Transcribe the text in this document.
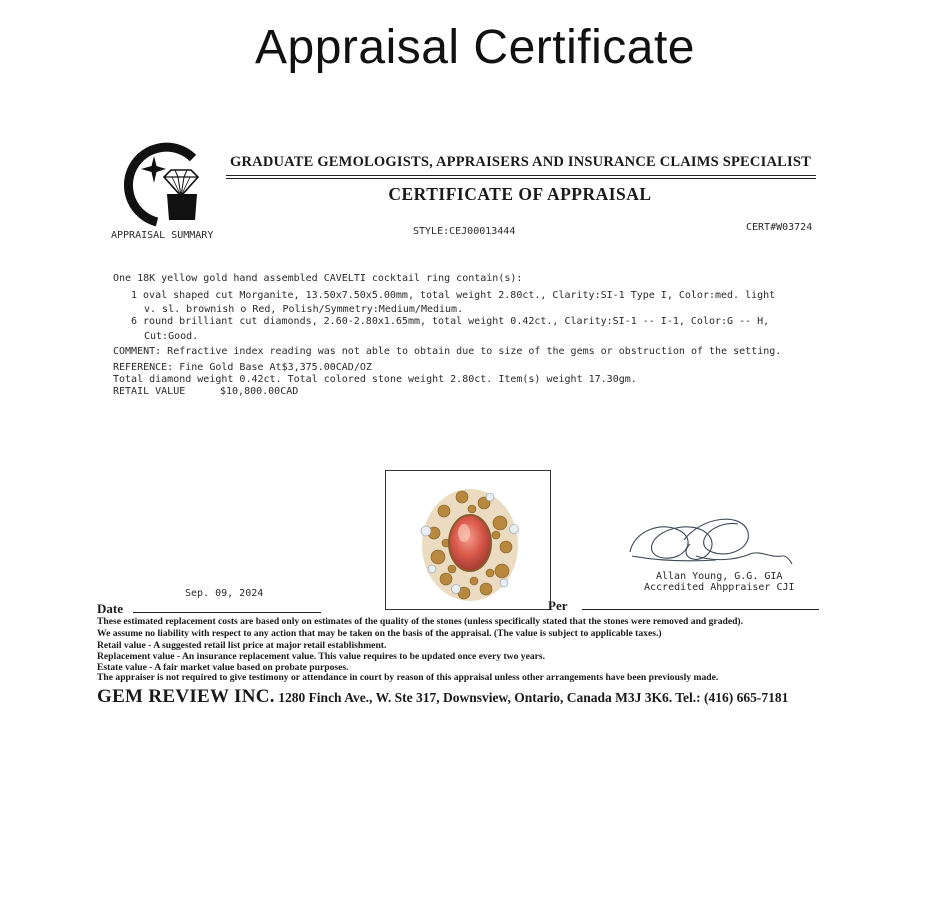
Appraisal Certificate
GRADUATE GEMOLOGISTS, APPRAISERS AND INSURANCE CLAIMS SPECIALIST
CERTIFICATE OF APPRAISAL
APPRAISAL SUMMARY	STYLE:CEJ00013444	CERT#W03724
One 18K yellow gold hand assembled CAVELTI cocktail ring contain(s):
1 oval shaped cut Morganite, 13.50x7.50x5.00mm, total weight 2.80ct., Clarity:SI-1 Type I, Color:med. light
v. sl. brownish o Red, Polish/Symmetry:Medium/Medium.
6 round brilliant cut diamonds, 2.60-2.80x1.65mm, total weight 0.42ct., Clarity:SI-1 -- I-1, Color:G -- H,
Cut:Good.
COMMENT: Refractive index reading was not able to obtain due to size of the gems or obstruction of the setting.
REFERENCE: Fine Gold Base At$3,375.00CAD/OZ
Total diamond weight 0.42ct. Total colored stone weight 2.80ct. Item(s) weight 17.30gm.
RETAIL VALUE	$10,800.00CAD
Sep. 09, 2024
Date	Per
Allan Young, G.G. GIA
Accredited Ahppraiser CJI
These estimated replacement costs are based only on estimates of the quality of the stones (unless specifically stated that the stones were removed and graded).
We assume no liability with respect to any action that may be taken on the basis of the appraisal. (The value is subject to applicable taxes.)
Retail value - A suggested retail list price at major retail establishment.
Replacement value - An insurance replacement value. This value requires to be updated once every two years.
Estate value - A fair market value based on probate purposes.
The appraiser is not required to give testimony or attendance in court by reason of this appraisal unless other arrangements have been previously made.
GEM REVIEW INC. 1280 Finch Ave., W. Ste 317, Downsview, Ontario, Canada M3J 3K6. Tel.: (416) 665-7181
